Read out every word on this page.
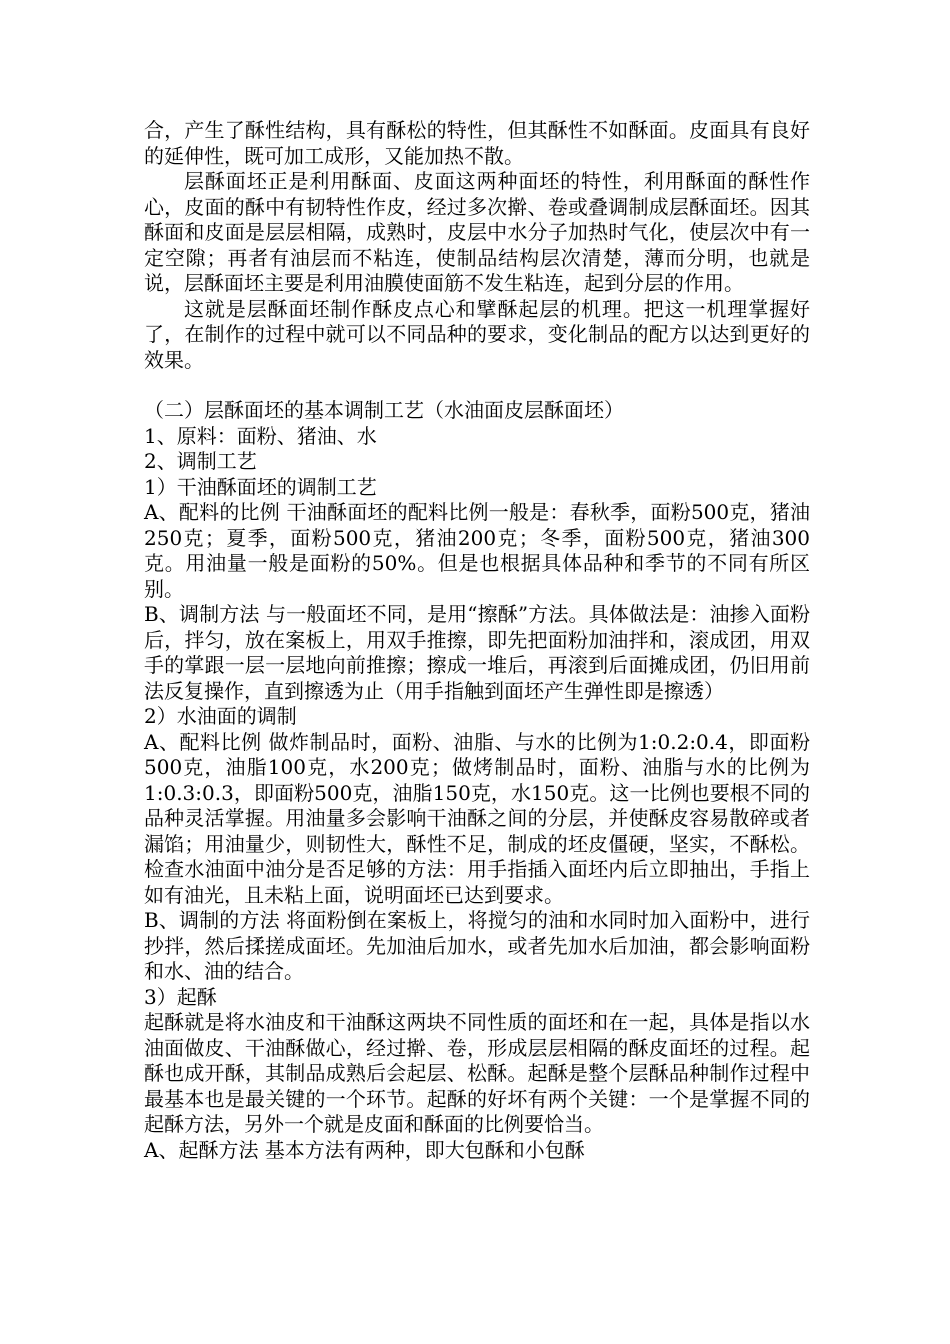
合，产生了酥性结构，具有酥松的特性，但其酥性不如酥面。皮面具有良好的延伸性，既可加工成形，又能加热不散。

层酥面坯正是利用酥面、皮面这两种面坯的特性，利用酥面的酥性作心，皮面的酥中有韧特性作皮，经过多次擀、卷或叠调制成层酥面坯。因其酥面和皮面是层层相隔，成熟时，皮层中水分子加热时气化，使层次中有一定空隙；再者有油层而不粘连，使制品结构层次清楚，薄而分明，也就是说，层酥面坯主要是利用油膜使面筋不发生粘连，起到分层的作用。

这就是层酥面坯制作酥皮点心和擘酥起层的机理。把这一机理掌握好了，在制作的过程中就可以不同品种的要求，变化制品的配方以达到更好的效果。

（二）层酥面坯的基本调制工艺（水油面皮层酥面坯）

1、原料：面粉、猪油、水

2、调制工艺

1）干油酥面坯的调制工艺

A、配料的比例 干油酥面坯的配料比例一般是：春秋季，面粉500克，猪油250克；夏季，面粉500克，猪油200克；冬季，面粉500克，猪油300克。用油量一般是面粉的50%。但是也根据具体品种和季节的不同有所区别。

B、调制方法 与一般面坯不同，是用“擦酥”方法。具体做法是：油掺入面粉后，拌匀，放在案板上，用双手推擦，即先把面粉加油拌和，滚成团，用双手的掌跟一层一层地向前推擦；擦成一堆后，再滚到后面摊成团，仍旧用前法反复操作，直到擦透为止（用手指触到面坯产生弹性即是擦透）

2）水油面的调制

A、配料比例 做炸制品时，面粉、油脂、与水的比例为1:0.2:0.4，即面粉500克，油脂100克，水200克；做烤制品时，面粉、油脂与水的比例为1:0.3:0.3，即面粉500克，油脂150克，水150克。这一比例也要根不同的品种灵活掌握。用油量多会影响干油酥之间的分层，并使酥皮容易散碎或者漏馅；用油量少，则韧性大，酥性不足，制成的坯皮僵硬，坚实，不酥松。检查水油面中油分是否足够的方法：用手指插入面坯内后立即抽出，手指上如有油光，且未粘上面，说明面坯已达到要求。

B、调制的方法 将面粉倒在案板上，将搅匀的油和水同时加入面粉中，进行抄拌，然后揉搓成面坯。先加油后加水，或者先加水后加油，都会影响面粉和水、油的结合。

3）起酥

起酥就是将水油皮和干油酥这两块不同性质的面坯和在一起，具体是指以水油面做皮、干油酥做心，经过擀、卷，形成层层相隔的酥皮面坯的过程。起酥也成开酥，其制品成熟后会起层、松酥。起酥是整个层酥品种制作过程中最基本也是最关键的一个环节。起酥的好坏有两个关键：一个是掌握不同的起酥方法，另外一个就是皮面和酥面的比例要恰当。

A、起酥方法 基本方法有两种，即大包酥和小包酥
